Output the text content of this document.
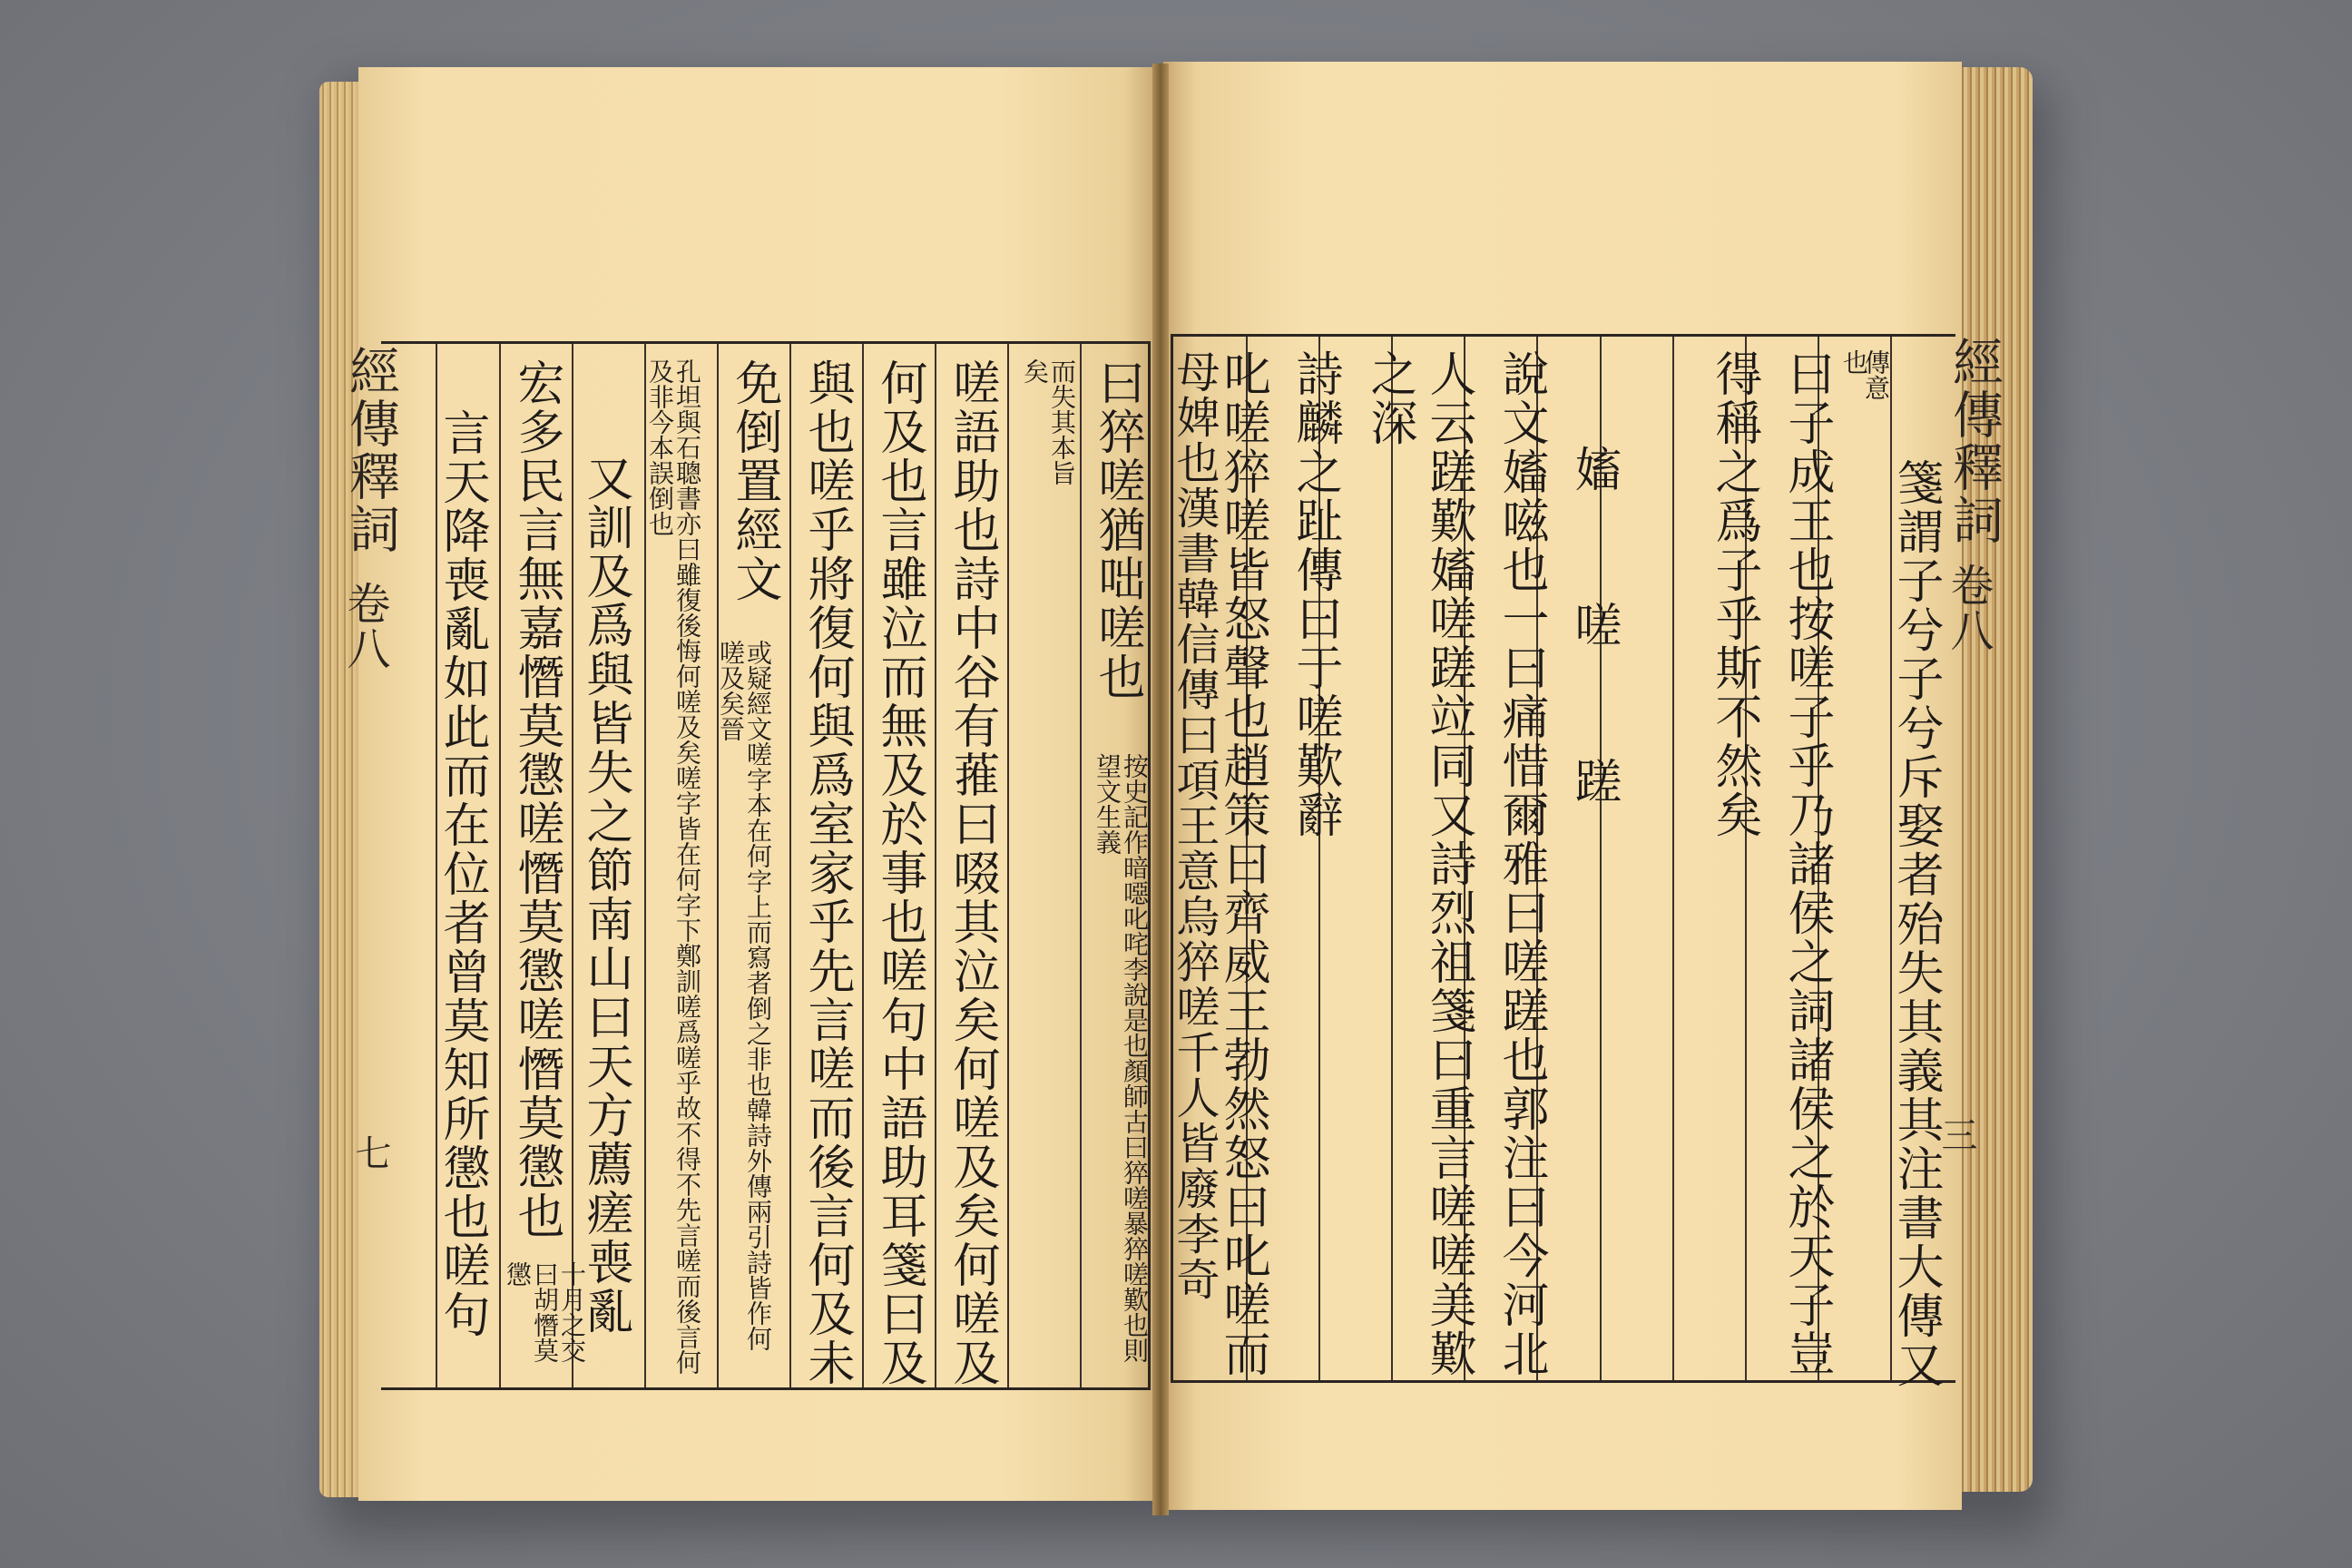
經傳釋詞
卷八
七
曰猝嗟猶咄嗟也
按史記作暗噁叱咤李說是也顏師古曰猝嗟暴猝嗟歎也則望文生義
而失其本旨矣
嗟語助也詩中谷有蓷曰啜其泣矣何嗟及矣何嗟及
何及也言雖泣而無及於事也嗟句中語助耳箋曰及
與也嗟乎將復何與爲室家乎先言嗟而後言何及未
免倒置經文
或疑經文嗟字本在何字上而寫者倒之非也韓詩外傳兩引詩皆作何嗟及矣晉
孔坦與石聰書亦曰雖復後悔何嗟及矣嗟字皆在何字下鄭訓嗟爲嗟乎故不得不先言嗟而後言何及非今本誤倒也
又訓及爲與皆失之節南山曰天方薦瘥喪亂
宏多民言無嘉憯莫懲嗟憯莫懲嗟憯莫懲也
十月之交曰胡憯莫懲
言天降喪亂如此而在位者曾莫知所懲也嗟句	經傳釋詞
卷八
三
傳意
也
箋謂子兮子兮斥娶者殆失其義其注書大傳又
曰子成王也按嗟子乎乃諸侯之詞諸侯之於天子豈
得稱之爲子乎斯不然矣
㜅 嗟 蹉
說文㜅嗞也一曰痛惜爾雅曰嗟蹉也郭注曰今河北
人云蹉歎㜅嗟蹉竝同又詩烈祖箋曰重言嗟嗟美歎
之深
詩麟之趾傳曰于嗟歎辭
叱嗟猝嗟皆怒聲也趙策曰齊威王勃然怒曰叱嗟而
母婢也漢書韓信傳曰項王意烏猝嗟千人皆廢李奇
